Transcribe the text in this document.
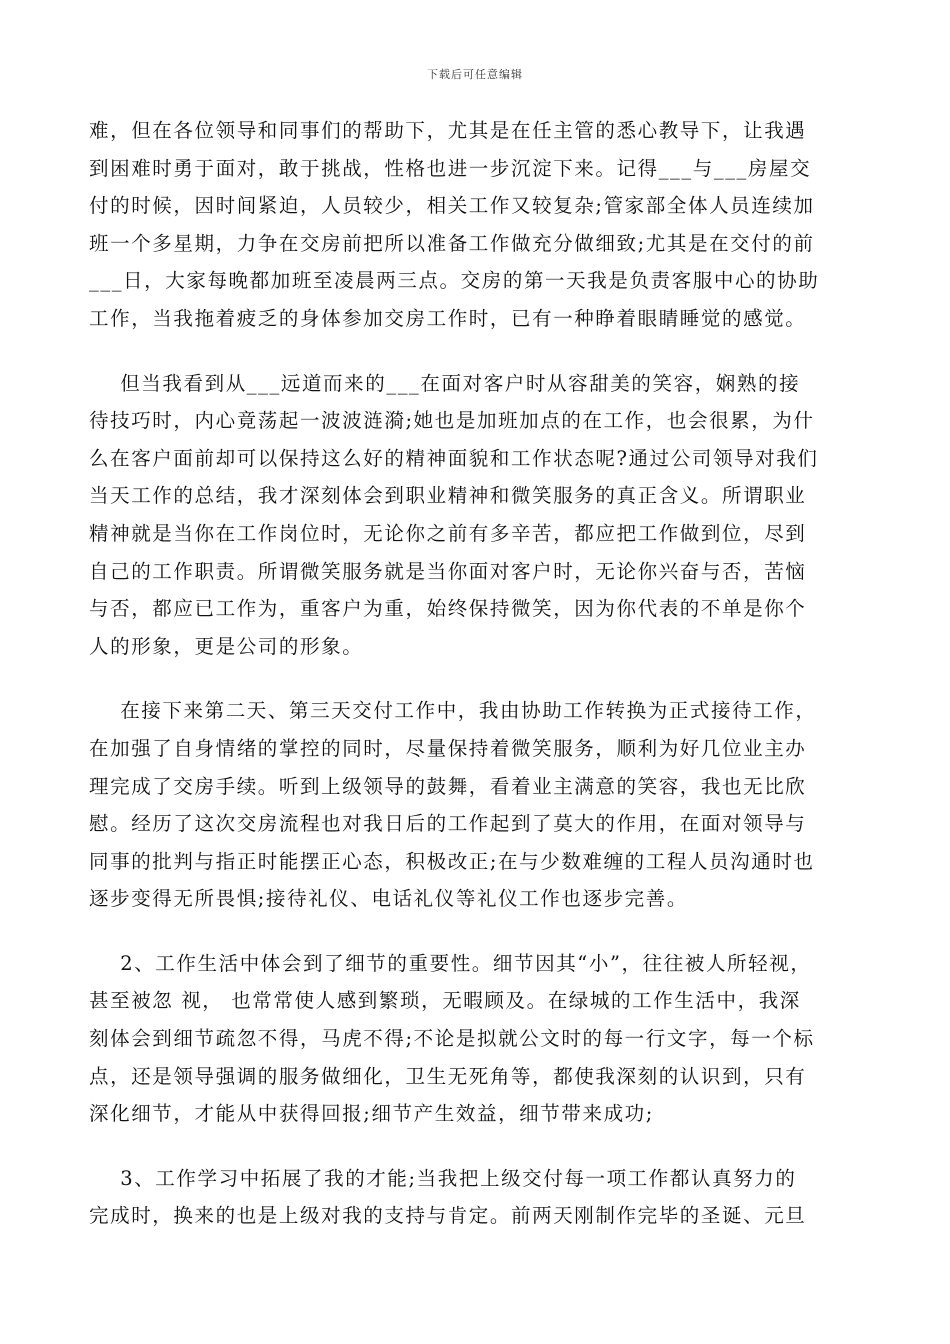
下载后可任意编辑
难，但在各位领导和同事们的帮助下，尤其是在任主管的悉心教导下，让我遇
到困难时勇于面对，敢于挑战，性格也进一步沉淀下来。记得___与___房屋交
付的时候，因时间紧迫，人员较少，相关工作又较复杂;管家部全体人员连续加
班一个多星期，力争在交房前把所以准备工作做充分做细致;尤其是在交付的前
___日，大家每晚都加班至凌晨两三点。交房的第一天我是负责客服中心的协助
工作，当我拖着疲乏的身体参加交房工作时，已有一种睁着眼睛睡觉的感觉。
但当我看到从___远道而来的___在面对客户时从容甜美的笑容，娴熟的接
待技巧时，内心竟荡起一波波涟漪;她也是加班加点的在工作，也会很累，为什
么在客户面前却可以保持这么好的精神面貌和工作状态呢?通过公司领导对我们
当天工作的总结，我才深刻体会到职业精神和微笑服务的真正含义。所谓职业
精神就是当你在工作岗位时，无论你之前有多辛苦，都应把工作做到位，尽到
自己的工作职责。所谓微笑服务就是当你面对客户时，无论你兴奋与否，苦恼
与否，都应已工作为，重客户为重，始终保持微笑，因为你代表的不单是你个
人的形象，更是公司的形象。
在接下来第二天、第三天交付工作中，我由协助工作转换为正式接待工作，
在加强了自身情绪的掌控的同时，尽量保持着微笑服务，顺利为好几位业主办
理完成了交房手续。听到上级领导的鼓舞，看着业主满意的笑容，我也无比欣
慰。经历了这次交房流程也对我日后的工作起到了莫大的作用，在面对领导与
同事的批判与指正时能摆正心态，积极改正;在与少数难缠的工程人员沟通时也
逐步变得无所畏惧;接待礼仪、电话礼仪等礼仪工作也逐步完善。
2、工作生活中体会到了细节的重要性。细节因其“小”，往往被人所轻视，
甚至被忽 视， 也常常使人感到繁琐，无暇顾及。在绿城的工作生活中，我深
刻体会到细节疏忽不得，马虎不得;不论是拟就公文时的每一行文字，每一个标
点，还是领导强调的服务做细化，卫生无死角等，都使我深刻的认识到，只有
深化细节，才能从中获得回报;细节产生效益，细节带来成功;
3、工作学习中拓展了我的才能;当我把上级交付每一项工作都认真努力的
完成时，换来的也是上级对我的支持与肯定。前两天刚制作完毕的圣诞、元旦
